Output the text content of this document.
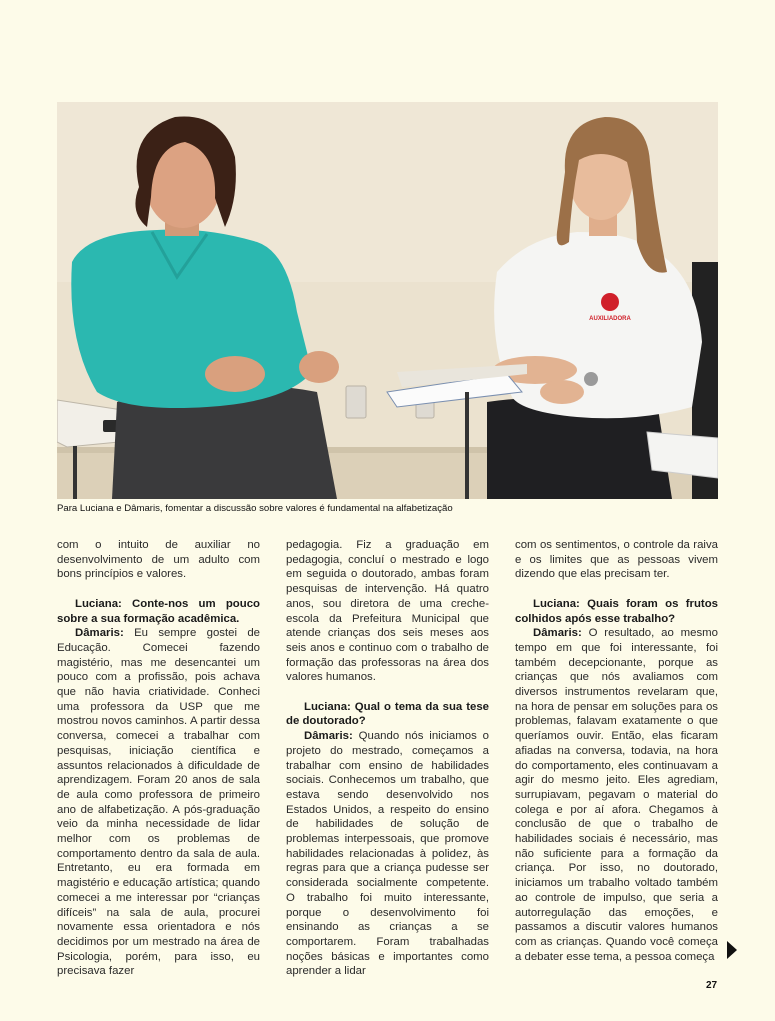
AUXILIADORA
Para Luciana e Dâmaris, fomentar a discussão sobre valores é fundamental na alfabetização

com o intuito de auxiliar no desenvolvimento de um adulto com bons princípios e valores.

Luciana: Conte-nos um pouco sobre a sua formação acadêmica.

Dâmaris: Eu sempre gostei de Educação. Comecei fazendo magistério, mas me desencantei um pouco com a profissão, pois achava que não havia criatividade. Conheci uma professora da USP que me mostrou novos caminhos. A partir dessa conversa, comecei a trabalhar com pesquisas, iniciação científica e assuntos relacionados à dificuldade de aprendizagem. Foram 20 anos de sala de aula como professora de primeiro ano de alfabetização. A pós-graduação veio da minha necessidade de lidar melhor com os problemas de comportamento dentro da sala de aula. Entretanto, eu era formada em magistério e educação artística; quando comecei a me interessar por “crianças difíceis” na sala de aula, procurei novamente essa orientadora e nós decidimos por um mestrado na área de Psicologia, porém, para isso, eu precisava fazer

pedagogia. Fiz a graduação em pedagogia, concluí o mestrado e logo em seguida o doutorado, ambas foram pesquisas de intervenção. Há quatro anos, sou diretora de uma creche-escola da Prefeitura Municipal que atende crianças dos seis meses aos seis anos e continuo com o trabalho de formação das professoras na área dos valores humanos.

Luciana: Qual o tema da sua tese de doutorado?

Dâmaris: Quando nós iniciamos o projeto do mestrado, começamos a trabalhar com ensino de habilidades sociais. Conhecemos um trabalho, que estava sendo desenvolvido nos Estados Unidos, a respeito do ensino de habilidades de solução de problemas interpessoais, que promove habilidades relacionadas à polidez, às regras para que a criança pudesse ser considerada socialmente competente. O trabalho foi muito interessante, porque o desenvolvimento foi ensinando as crianças a se comportarem. Foram trabalhadas noções básicas e importantes como aprender a lidar

com os sentimentos, o controle da raiva e os limites que as pessoas vivem dizendo que elas precisam ter.

Luciana: Quais foram os frutos colhidos após esse trabalho?

Dâmaris: O resultado, ao mesmo tempo em que foi interessante, foi também decepcionante, porque as crianças que nós avaliamos com diversos instrumentos revelaram que, na hora de pensar em soluções para os problemas, falavam exatamente o que queríamos ouvir. Então, elas ficaram afiadas na conversa, todavia, na hora do comportamento, eles continuavam a agir do mesmo jeito. Eles agrediam, surrupiavam, pegavam o material do colega e por aí afora. Chegamos à conclusão de que o trabalho de habilidades sociais é necessário, mas não suficiente para a formação da criança. Por isso, no doutorado, iniciamos um trabalho voltado também ao controle de impulso, que seria a autorregulação das emoções, e passamos a discutir valores humanos com as crianças. Quando você começa a debater esse tema, a pessoa começa

27
